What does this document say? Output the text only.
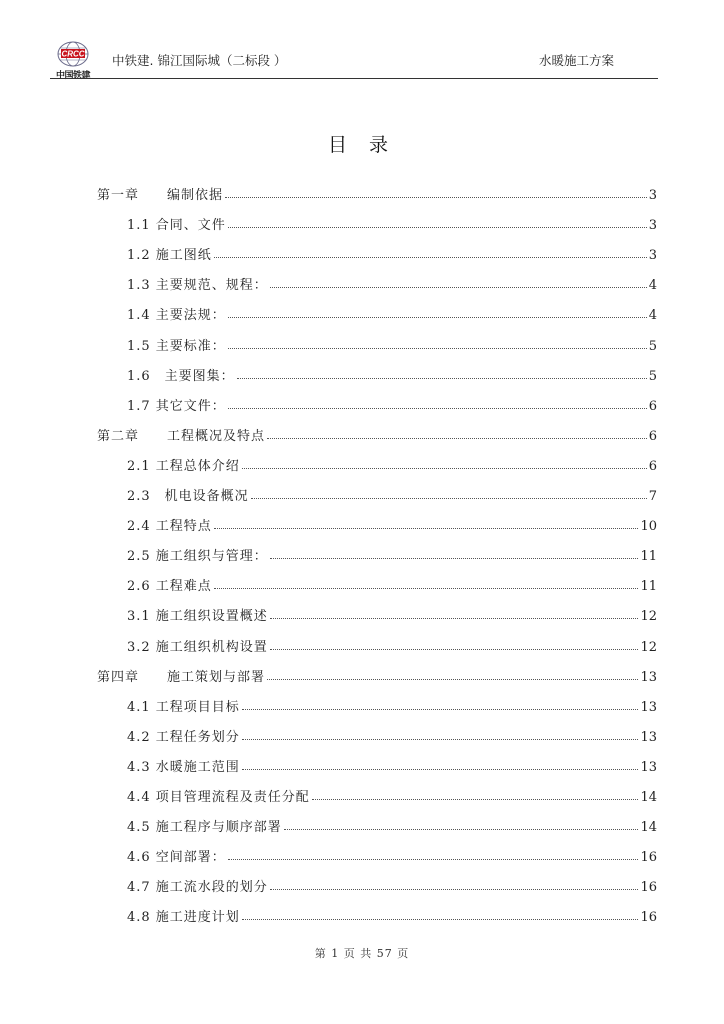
CRCC
中国铁建
中铁建. 锦江国际城（二标段 ）	水暖施工方案
目 录
第一章　　编制依据	3
1.1 合同、文件	3
1.2 施工图纸	3
1.3 主要规范、规程：	4
1.4 主要法规：	4
1.5 主要标准：	5
1.6　主要图集：	5
1.7 其它文件：	6
第二章　　工程概况及特点	6
2.1 工程总体介绍	6
2.3　机电设备概况	7
2.4 工程特点	10
2.5 施工组织与管理：	11
2.6 工程难点	11
3.1 施工组织设置概述	12
3.2 施工组织机构设置	12
第四章　　施工策划与部署	13
4.1 工程项目目标	13
4.2 工程任务划分	13
4.3 水暖施工范围	13
4.4 项目管理流程及责任分配	14
4.5 施工程序与顺序部署	14
4.6 空间部署：	16
4.7 施工流水段的划分	16
4.8 施工进度计划	16
第 1 页 共 57 页
